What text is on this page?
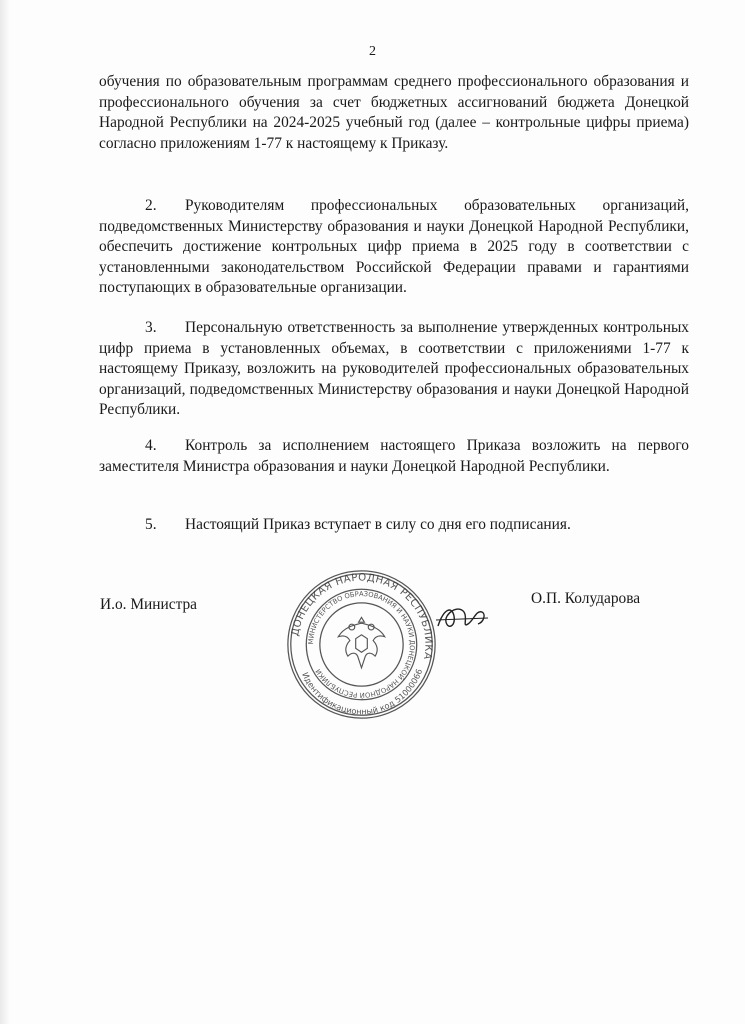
2

обучения по образовательным программам среднего профессионального образования и профессионального обучения за счет бюджетных ассигнований бюджета Донецкой Народной Республики на 2024-2025 учебный год (далее – контрольные цифры приема) согласно приложениям 1-77 к настоящему к Приказу.

2. Руководителям профессиональных образовательных организаций, подведомственных Министерству образования и науки Донецкой Народной Республики, обеспечить достижение контрольных цифр приема в 2025 году в соответствии с установленными законодательством Российской Федерации правами и гарантиями поступающих в образовательные организации.

3. Персональную ответственность за выполнение утвержденных контрольных цифр приема в установленных объемах, в соответствии с приложениями 1-77 к настоящему Приказу, возложить на руководителей профессиональных образовательных организаций, подведомственных Министерству образования и науки Донецкой Народной Республики.

4. Контроль за исполнением настоящего Приказа возложить на первого заместителя Министра образования и науки Донецкой Народной Республики.

5. Настоящий Приказ вступает в силу со дня его подписания.

И.о. Министра	О.П. Колударова
ДОНЕЦКАЯ НАРОДНАЯ РЕСПУБЛИКА
МИНИСТЕРСТВО ОБРАЗОВАНИЯ И НАУКИ ДОНЕЦКОЙ НАРОДНОЙ РЕСПУБЛИКИ
Идентификационный код 51000066
